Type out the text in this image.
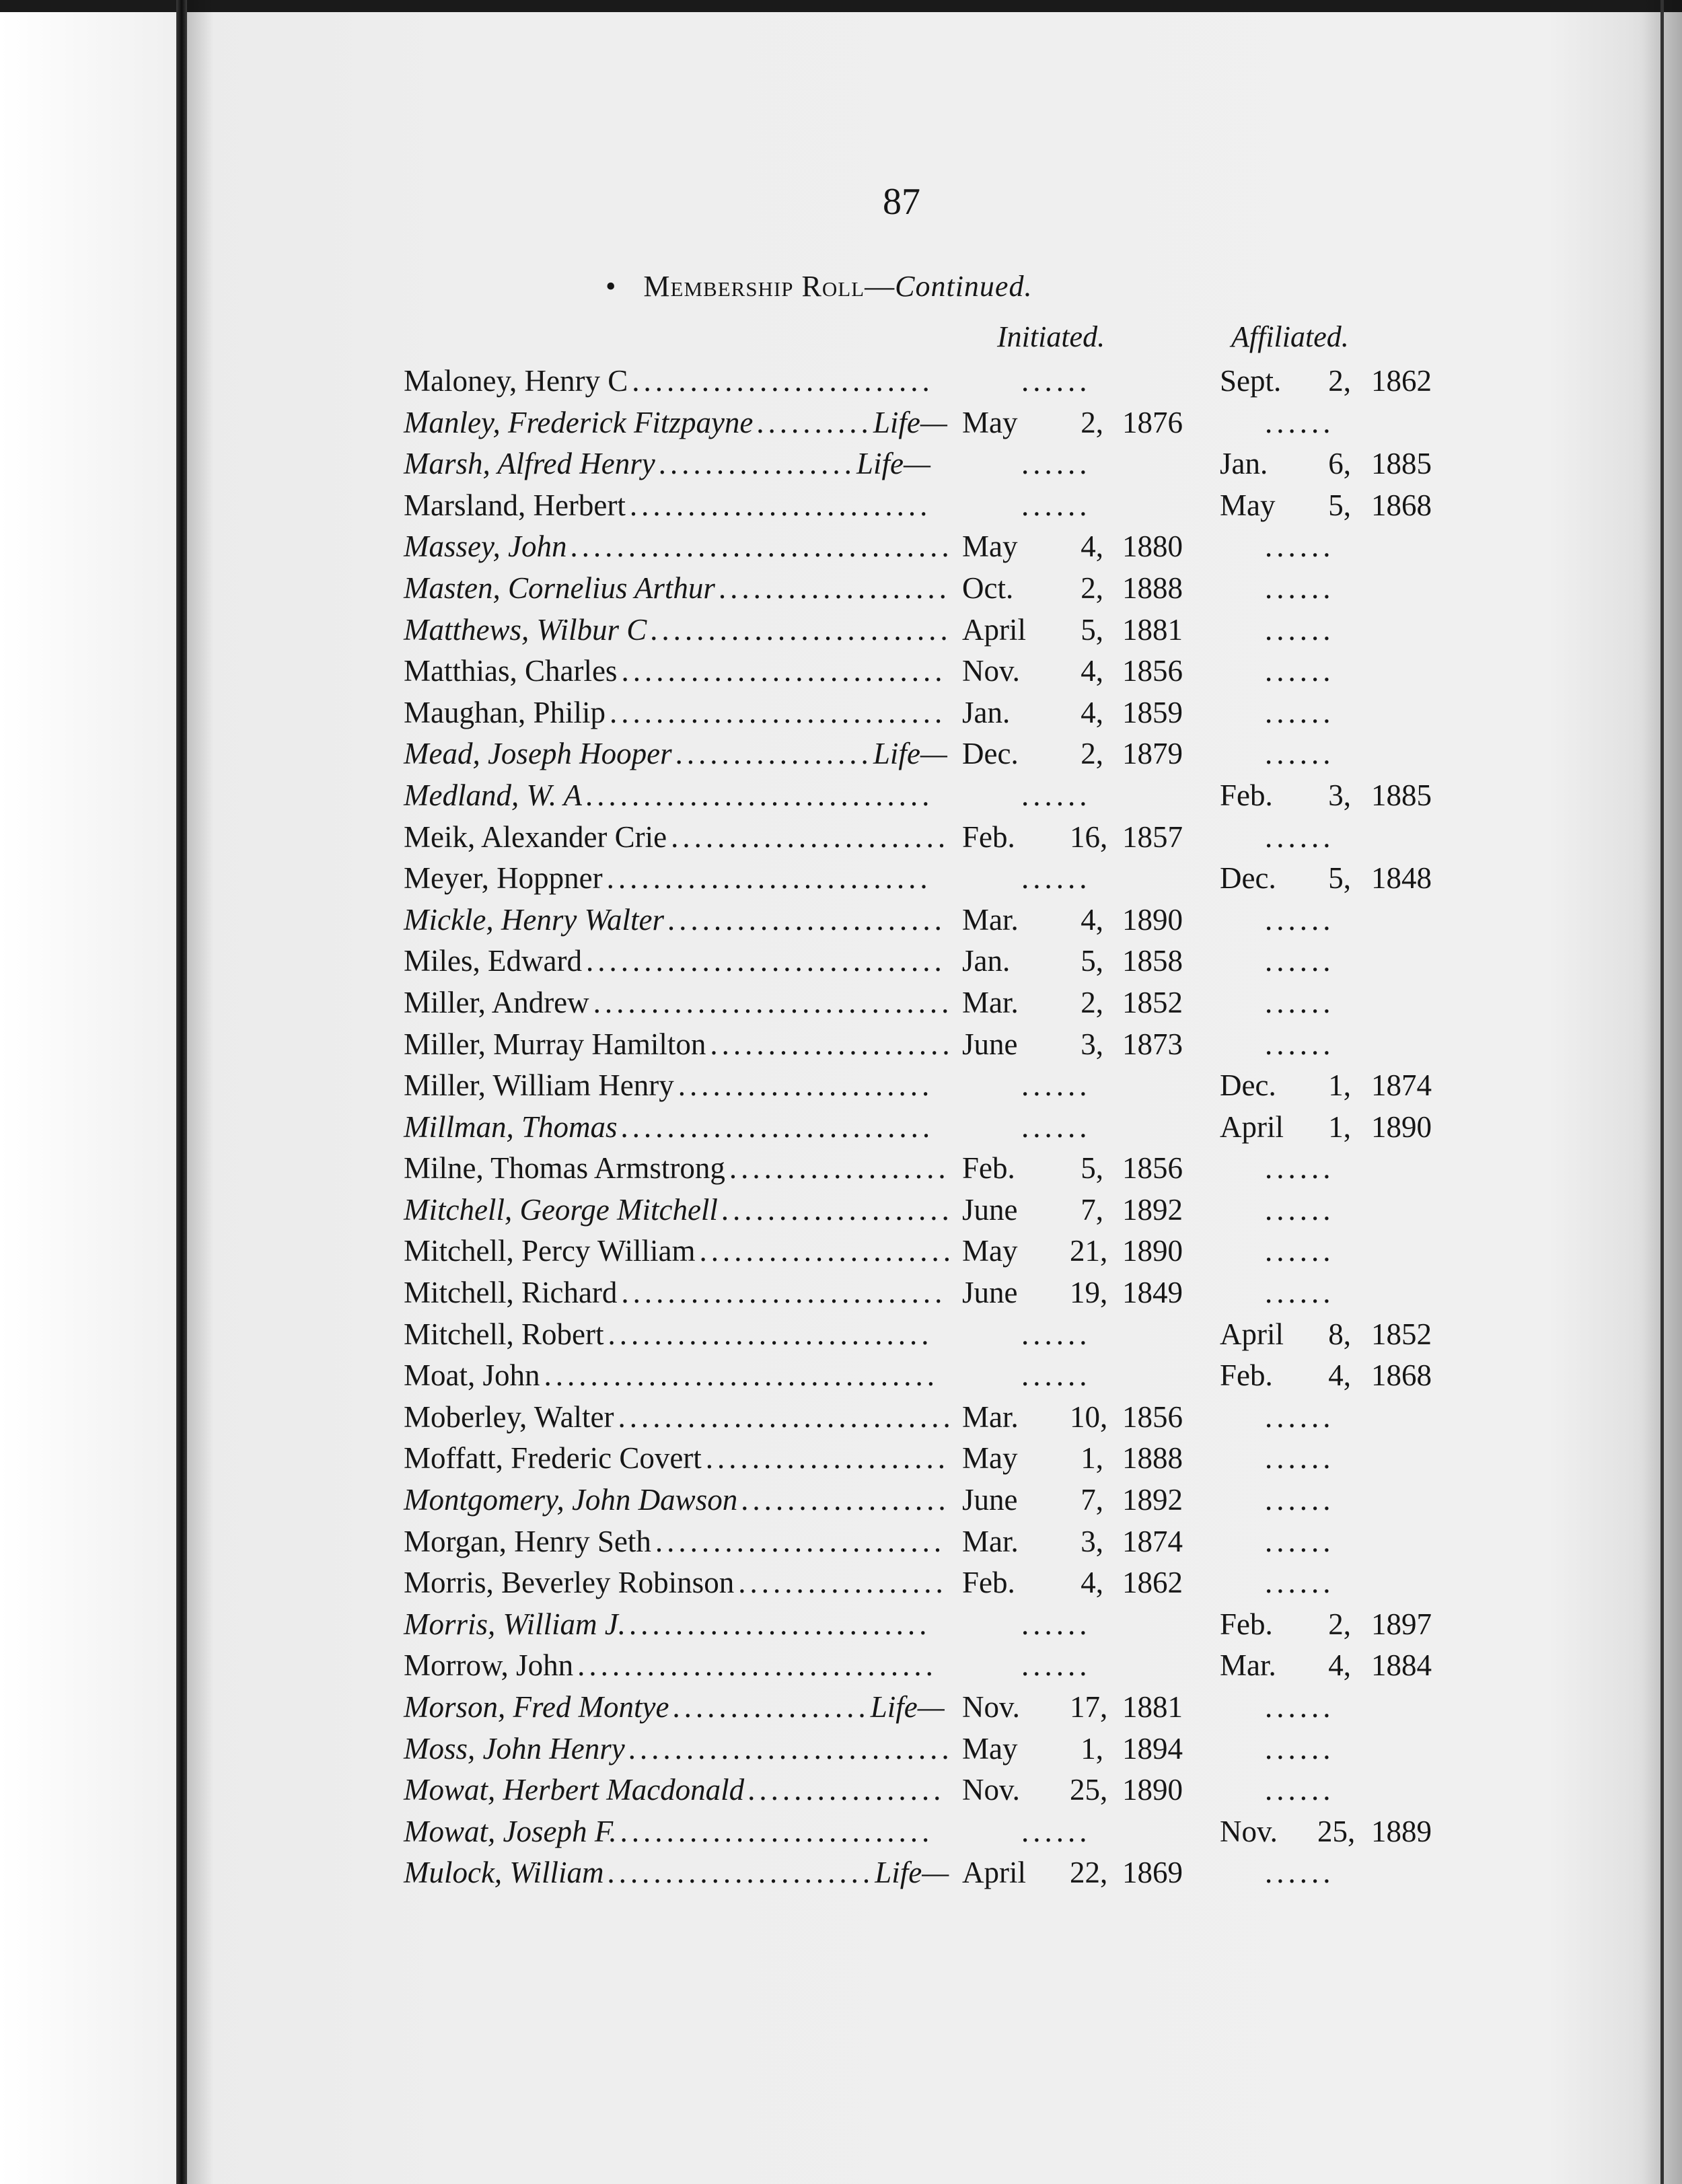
87
• Membership Roll—Continued.
Initiated.	Affiliated.
Maloney, Henry C ..........................	......	Sept.	2, 1862
Manley, Frederick Fitzpayne ..........Life— May	2, 1876	......
Marsh, Alfred Henry .................Life—	......	Jan.	6, 1885
Marsland, Herbert ..........................	......	May	5, 1868
Massey, John ................................. May	4, 1880	......
Masten, Cornelius Arthur .................... Oct.	2, 1888	......
Matthews, Wilbur C .......................... April	5, 1881	......
Matthias, Charles ............................ Nov.	4, 1856	......
Maughan, Philip ............................. Jan.	4, 1859	......
Mead, Joseph Hooper .................Life— Dec.	2, 1879	......
Medland, W. A ..............................	......	Feb.	3, 1885
Meik, Alexander Crie ........................ Feb. 16, 1857	......
Meyer, Hoppner ............................	......	Dec.	5, 1848
Mickle, Henry Walter ........................ Mar.	4, 1890	......
Miles, Edward ............................... Jan.	5, 1858	......
Miller, Andrew ............................... Mar.	2, 1852	......
Miller, Murray Hamilton ..................... June	3, 1873	......
Miller, William Henry ......................	......	Dec.	1, 1874
Millman, Thomas ...........................	......	April	1, 1890
Milne, Thomas Armstrong ................... Feb.	5, 1856	......
Mitchell, George Mitchell .................... June	7, 1892	......
Mitchell, Percy William ...................... May 21, 1890	......
Mitchell, Richard ............................ June 19, 1849	......
Mitchell, Robert ............................	......	April	8, 1852
Moat, John ..................................	......	Feb.	4, 1868
Moberley, Walter ............................. Mar. 10, 1856	......
Moffatt, Frederic Covert ..................... May	1, 1888	......
Montgomery, John Dawson .................. June	7, 1892	......
Morgan, Henry Seth ......................... Mar.	3, 1874	......
Morris, Beverley Robinson .................. Feb.	4, 1862	......
Morris, William J. ..........................	......	Feb.	2, 1897
Morrow, John ...............................	......	Mar.	4, 1884
Morson, Fred Montye .................Life— Nov. 17, 1881	......
Moss, John Henry ............................ May	1, 1894	......
Mowat, Herbert Macdonald ................. Nov. 25, 1890	......
Mowat, Joseph F. ...........................	......	Nov. 25, 1889
Mulock, William .......................Life— April 22, 1869	......
